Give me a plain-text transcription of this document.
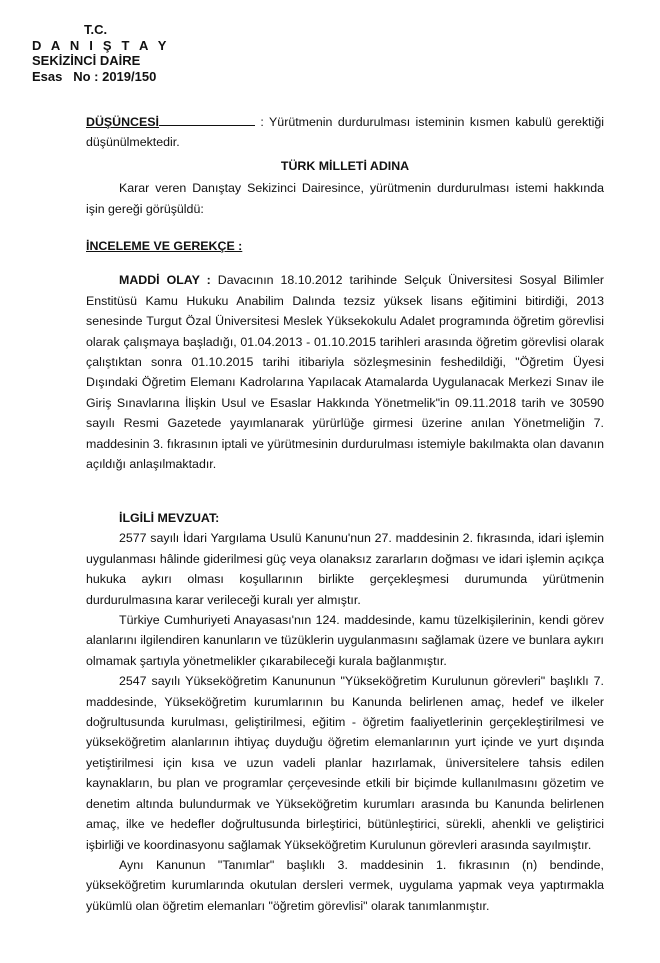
T.C.
D A N I Ş T A Y
SEKİZİNCİ DAİRE
Esas   No : 2019/150

DÜŞÜNCESİ	: Yürütmenin durdurulması isteminin kısmen kabulü gerektiği düşünülmektedir.

TÜRK MİLLETİ ADINA

Karar veren Danıştay Sekizinci Dairesince, yürütmenin durdurulması istemi hakkında işin gereği görüşüldü:

İNCELEME VE GEREKÇE :

MADDİ OLAY : Davacının 18.10.2012 tarihinde Selçuk Üniversitesi Sosyal Bilimler Enstitüsü Kamu Hukuku Anabilim Dalında tezsiz yüksek lisans eğitimini bitirdiği, 2013 senesinde Turgut Özal Üniversitesi Meslek Yüksekokulu Adalet programında öğretim görevlisi olarak çalışmaya başladığı, 01.04.2013 - 01.10.2015 tarihleri arasında öğretim görevlisi olarak çalıştıktan sonra 01.10.2015 tarihi itibariyla sözleşmesinin feshedildiği, "Öğretim Üyesi Dışındaki Öğretim Elemanı Kadrolarına Yapılacak Atamalarda Uygulanacak Merkezi Sınav ile Giriş Sınavlarına İlişkin Usul ve Esaslar Hakkında Yönetmelik"in 09.11.2018 tarih ve 30590 sayılı Resmi Gazetede yayımlanarak yürürlüğe girmesi üzerine anılan Yönetmeliğin 7. maddesinin 3. fıkrasının iptali ve yürütmesinin durdurulması istemiyle bakılmakta olan davanın açıldığı anlaşılmaktadır.

İLGİLİ MEVZUAT:

2577 sayılı İdari Yargılama Usulü Kanunu'nun 27. maddesinin 2. fıkrasında, idari işlemin uygulanması hâlinde giderilmesi güç veya olanaksız zararların doğması ve idari işlemin açıkça hukuka aykırı olması koşullarının birlikte gerçekleşmesi durumunda yürütmenin durdurulmasına karar verileceği kuralı yer almıştır.

Türkiye Cumhuriyeti Anayasası'nın 124. maddesinde, kamu tüzelkişilerinin, kendi görev alanlarını ilgilendiren kanunların ve tüzüklerin uygulanmasını sağlamak üzere ve bunlara aykırı olmamak şartıyla yönetmelikler çıkarabileceği kurala bağlanmıştır.

2547 sayılı Yükseköğretim Kanununun "Yükseköğretim Kurulunun görevleri" başlıklı 7. maddesinde, Yükseköğretim kurumlarının bu Kanunda belirlenen amaç, hedef ve ilkeler doğrultusunda kurulması, geliştirilmesi, eğitim - öğretim faaliyetlerinin gerçekleştirilmesi ve yükseköğretim alanlarının ihtiyaç duyduğu öğretim elemanlarının yurt içinde ve yurt dışında yetiştirilmesi için kısa ve uzun vadeli planlar hazırlamak, üniversitelere tahsis edilen kaynakların, bu plan ve programlar çerçevesinde etkili bir biçimde kullanılmasını gözetim ve denetim altında bulundurmak ve Yükseköğretim kurumları arasında bu Kanunda belirlenen amaç, ilke ve hedefler doğrultusunda birleştirici, bütünleştirici, sürekli, ahenkli ve geliştirici işbirliği ve koordinasyonu sağlamak Yükseköğretim Kurulunun görevleri arasında sayılmıştır.

Aynı Kanunun "Tanımlar" başlıklı 3. maddesinin 1. fıkrasının (n) bendinde, yükseköğretim kurumlarında okutulan dersleri vermek, uygulama yapmak veya yaptırmakla yükümlü olan öğretim elemanları "öğretim görevlisi" olarak tanımlanmıştır.
